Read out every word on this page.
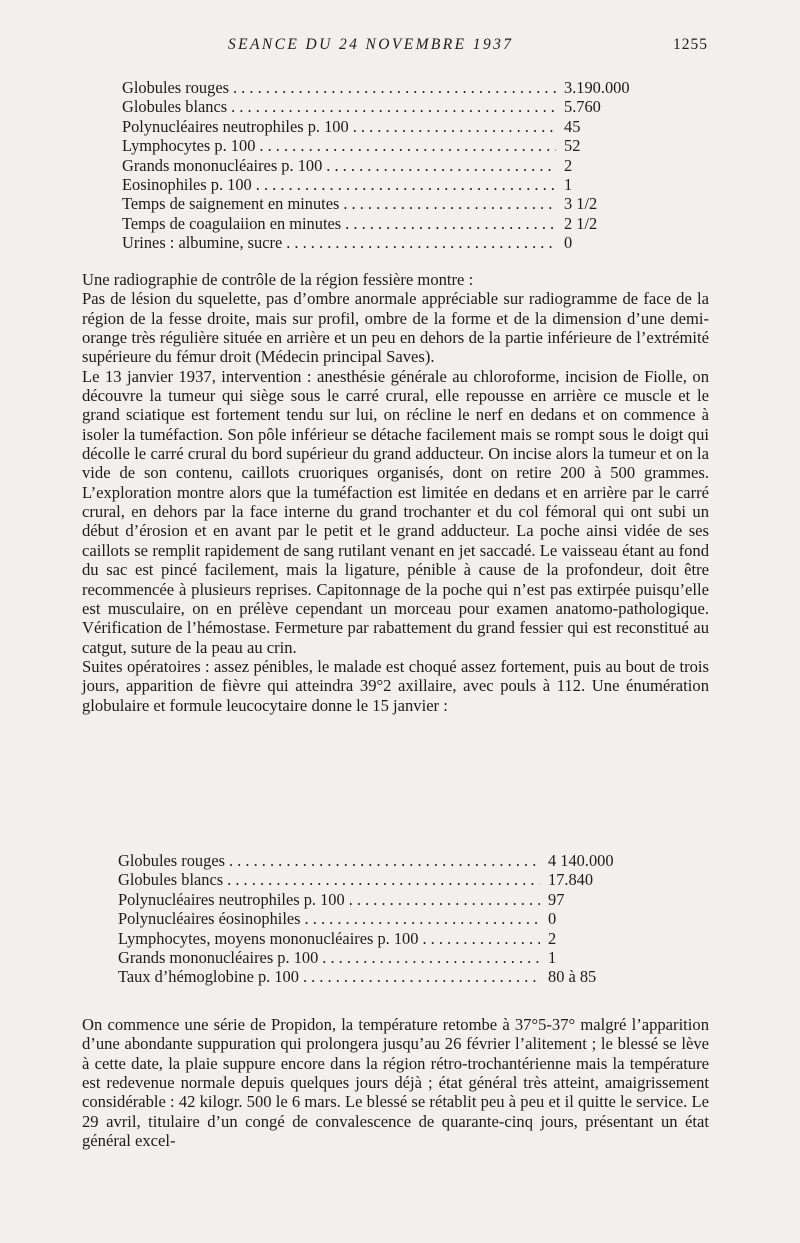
SEANCE DU 24 NOVEMBRE 1937	1255
Globules rouges . . .	3.190.000
Globules blancs . . .	5.760
Polynucléaires neutrophiles p. 100 . . .	45
Lymphocytes p. 100 . . .	52
Grands mononucléaires p. 100 . . .	2
Eosinophiles p. 100 . . .	1
Temps de saignement en minutes . . .	3 1/2
Temps de coagulaiion en minutes . . .	2 1/2
Urines : albumine, sucre . . .	0

Une radiographie de contrôle de la région fessière montre :

Pas de lésion du squelette, pas d’ombre anormale appréciable sur radiogramme de face de la région de la fesse droite, mais sur profil, ombre de la forme et de la dimension d’une demi-orange très régulière située en arrière et un peu en dehors de la partie inférieure de l’extrémité supérieure du fémur droit (Médecin principal Saves).

Le 13 janvier 1937, intervention : anesthésie générale au chloroforme, incision de Fiolle, on découvre la tumeur qui siège sous le carré crural, elle repousse en arrière ce muscle et le grand sciatique est fortement tendu sur lui, on récline le nerf en dedans et on commence à isoler la tuméfaction. Son pôle inférieur se détache facilement mais se rompt sous le doigt qui décolle le carré crural du bord supérieur du grand adducteur. On incise alors la tumeur et on la vide de son contenu, caillots cruoriques organisés, dont on retire 200 à 500 grammes. L’exploration montre alors que la tuméfaction est limitée en dedans et en arrière par le carré crural, en dehors par la face interne du grand trochanter et du col fémoral qui ont subi un début d’érosion et en avant par le petit et le grand adducteur. La poche ainsi vidée de ses caillots se remplit rapidement de sang rutilant venant en jet saccadé. Le vaisseau étant au fond du sac est pincé facilement, mais la ligature, pénible à cause de la profondeur, doit être recommencée à plusieurs reprises. Capitonnage de la poche qui n’est pas extirpée puisqu’elle est musculaire, on en prélève cependant un morceau pour examen anatomo-pathologique. Vérification de l’hémostase. Fermeture par rabattement du grand fessier qui est reconstitué au catgut, suture de la peau au crin.

Suites opératoires : assez pénibles, le malade est choqué assez fortement, puis au bout de trois jours, apparition de fièvre qui atteindra 39°2 axillaire, avec pouls à 112. Une énumération globulaire et formule leucocytaire donne le 15 janvier :

Globules rouges . . .	4 140.000
Globules blancs . . .	17.840
Polynucléaires neutrophiles p. 100 . . .	97
Polynucléaires éosinophiles . . .	0
Lymphocytes, moyens mononucléaires p. 100 . . .	2
Grands mononucléaires p. 100 . . .	1
Taux d’hémoglobine p. 100 . . .	80 à 85

On commence une série de Propidon, la température retombe à 37°5-37° malgré l’apparition d’une abondante suppuration qui prolongera jusqu’au 26 février l’alitement ; le blessé se lève à cette date, la plaie suppure encore dans la région rétro-trochantérienne mais la température est redevenue normale depuis quelques jours déjà ; état général très atteint, amaigrissement considérable : 42 kilogr. 500 le 6 mars. Le blessé se rétablit peu à peu et il quitte le service. Le 29 avril, titulaire d’un congé de convalescence de quarante-cinq jours, présentant un état général excel-
